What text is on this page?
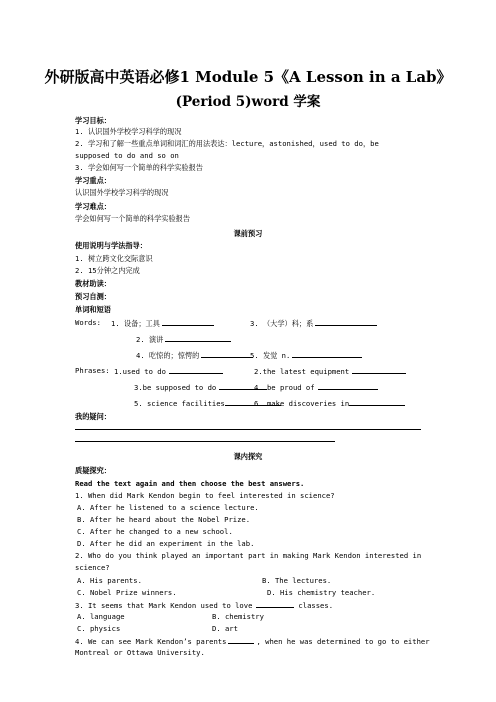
外研版高中英语必修1 Module 5《A Lesson in a Lab》
(Period 5)word 学案
学习目标：
1. 认识国外学校学习科学的现况
2. 学习和了解一些重点单词和词汇的用法表达：lecture，astonished，used to do，be
supposed to do and so on
3. 学会如何写一个简单的科学实验报告
学习重点：
认识国外学校学习科学的现况
学习难点：
学会如何写一个简单的科学实验报告
课前预习
使用说明与学法指导：
1. 树立跨文化交际意识
2. 15分钟之内完成
教材助读：
预习自测：
单词和短语
Words: 1. 设备；工具	3. （大学）科；系
2. 演讲
4. 吃惊的；惊愕的	5. 发觉 n.
Phrases: 1.used to do	2.the latest equipment
3.be supposed to do	4. be proud of
5. science facilities	6. make discoveries in
我的疑问：
课内探究
质疑探究：
Read the text again and then choose the best answers.
1. When did Mark Kendon begin to feel interested in science?
A. After he listened to a science lecture.
B. After he heard about the Nobel Prize.
C. After he changed to a new school.
D. After he did an experiment in the lab.
2. Who do you think played an important part in making Mark Kendon interested in
science?
A. His parents.	B. The lectures.
C. Nobel Prize winners.	D. His chemistry teacher.
3. It seems that Mark Kendon used to love	classes.
A. language	B. chemistry
C. physics	D. art
4. We can see Mark Kendon’s parents	, when he was determined to go to either
Montreal or Ottawa University.
